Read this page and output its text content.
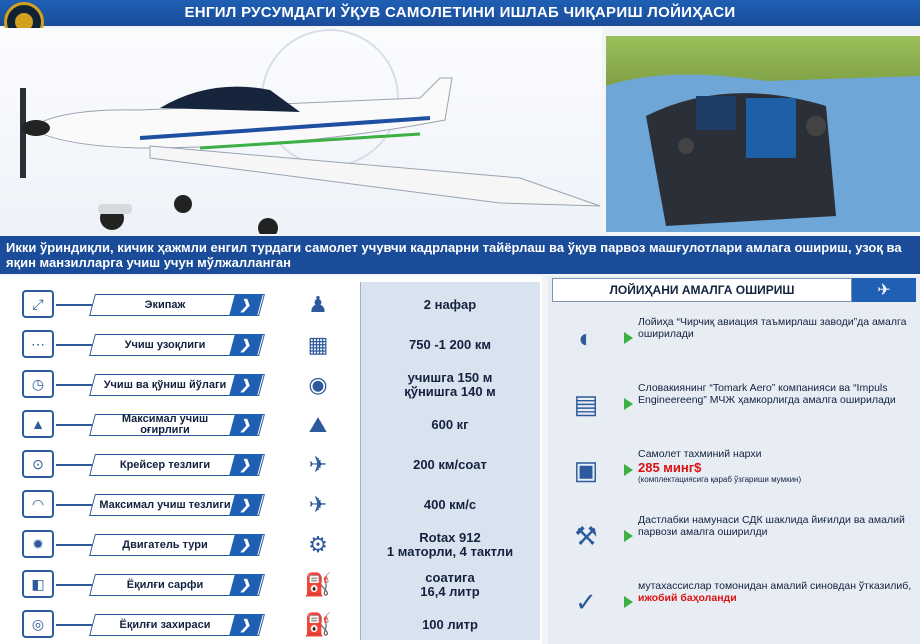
ЕНГИЛ РУСУМДАГИ ЎҚУВ САМОЛЕТИНИ ИШЛАБ ЧИҚАРИШ ЛОЙИҲАСИ
Икки ўриндиқли, кичик ҳажмли енгил турдаги самолет учувчи кадрларни тайёрлаш ва ўқув парвоз машғулотлари амлага ошириш, узоқ ва яқин манзилларга учиш учун мўлжалланган
⤢	Экипаж	❯	♟	2 нафар
⋯	Учиш узоқлиги	❯	▦	750 -1 200 км
◷	Учиш ва қўниш йўлаги ❯	◉	учишга 150 м
қўнишга 140 м
▲	Максимал учиш оғирлиги	❯	⛰	600 кг
⊙	Крейсер тезлиги	❯	✈	200 км/соат
◠	Максимал учиш тезлиги ❯	✈	400 км/с
✹	Двигатель тури	❯	⚙	Rotax 912
1 маторли, 4 тактли
◧	Ёқилғи сарфи	❯	⛽	соатига
16,4 литр
◎	Ёқилғи захираси	❯	⛽	100 литр
ЛОЙИҲАНИ АМАЛГА ОШИРИШ	✈
◐
Лойиҳа “Чирчиқ авиация таъмирлаш заводи”да амалга оширилади
▤
Словакиянинг “Tomark Aero” компанияси ва “Impuls Engineereeng” МЧЖ ҳамкорлигда амалга оширилади
▣
Самолет тахминий нархи
285 минг$
(комплектациясига қараб ўзгариши мумкин)
⚒
Дастлабки намунаси СДК шаклида йиғилди ва амалий парвози амалга оширилди
✓
мутахассислар томонидан амалий синовдан ўтказилиб, ижобий баҳоланди
